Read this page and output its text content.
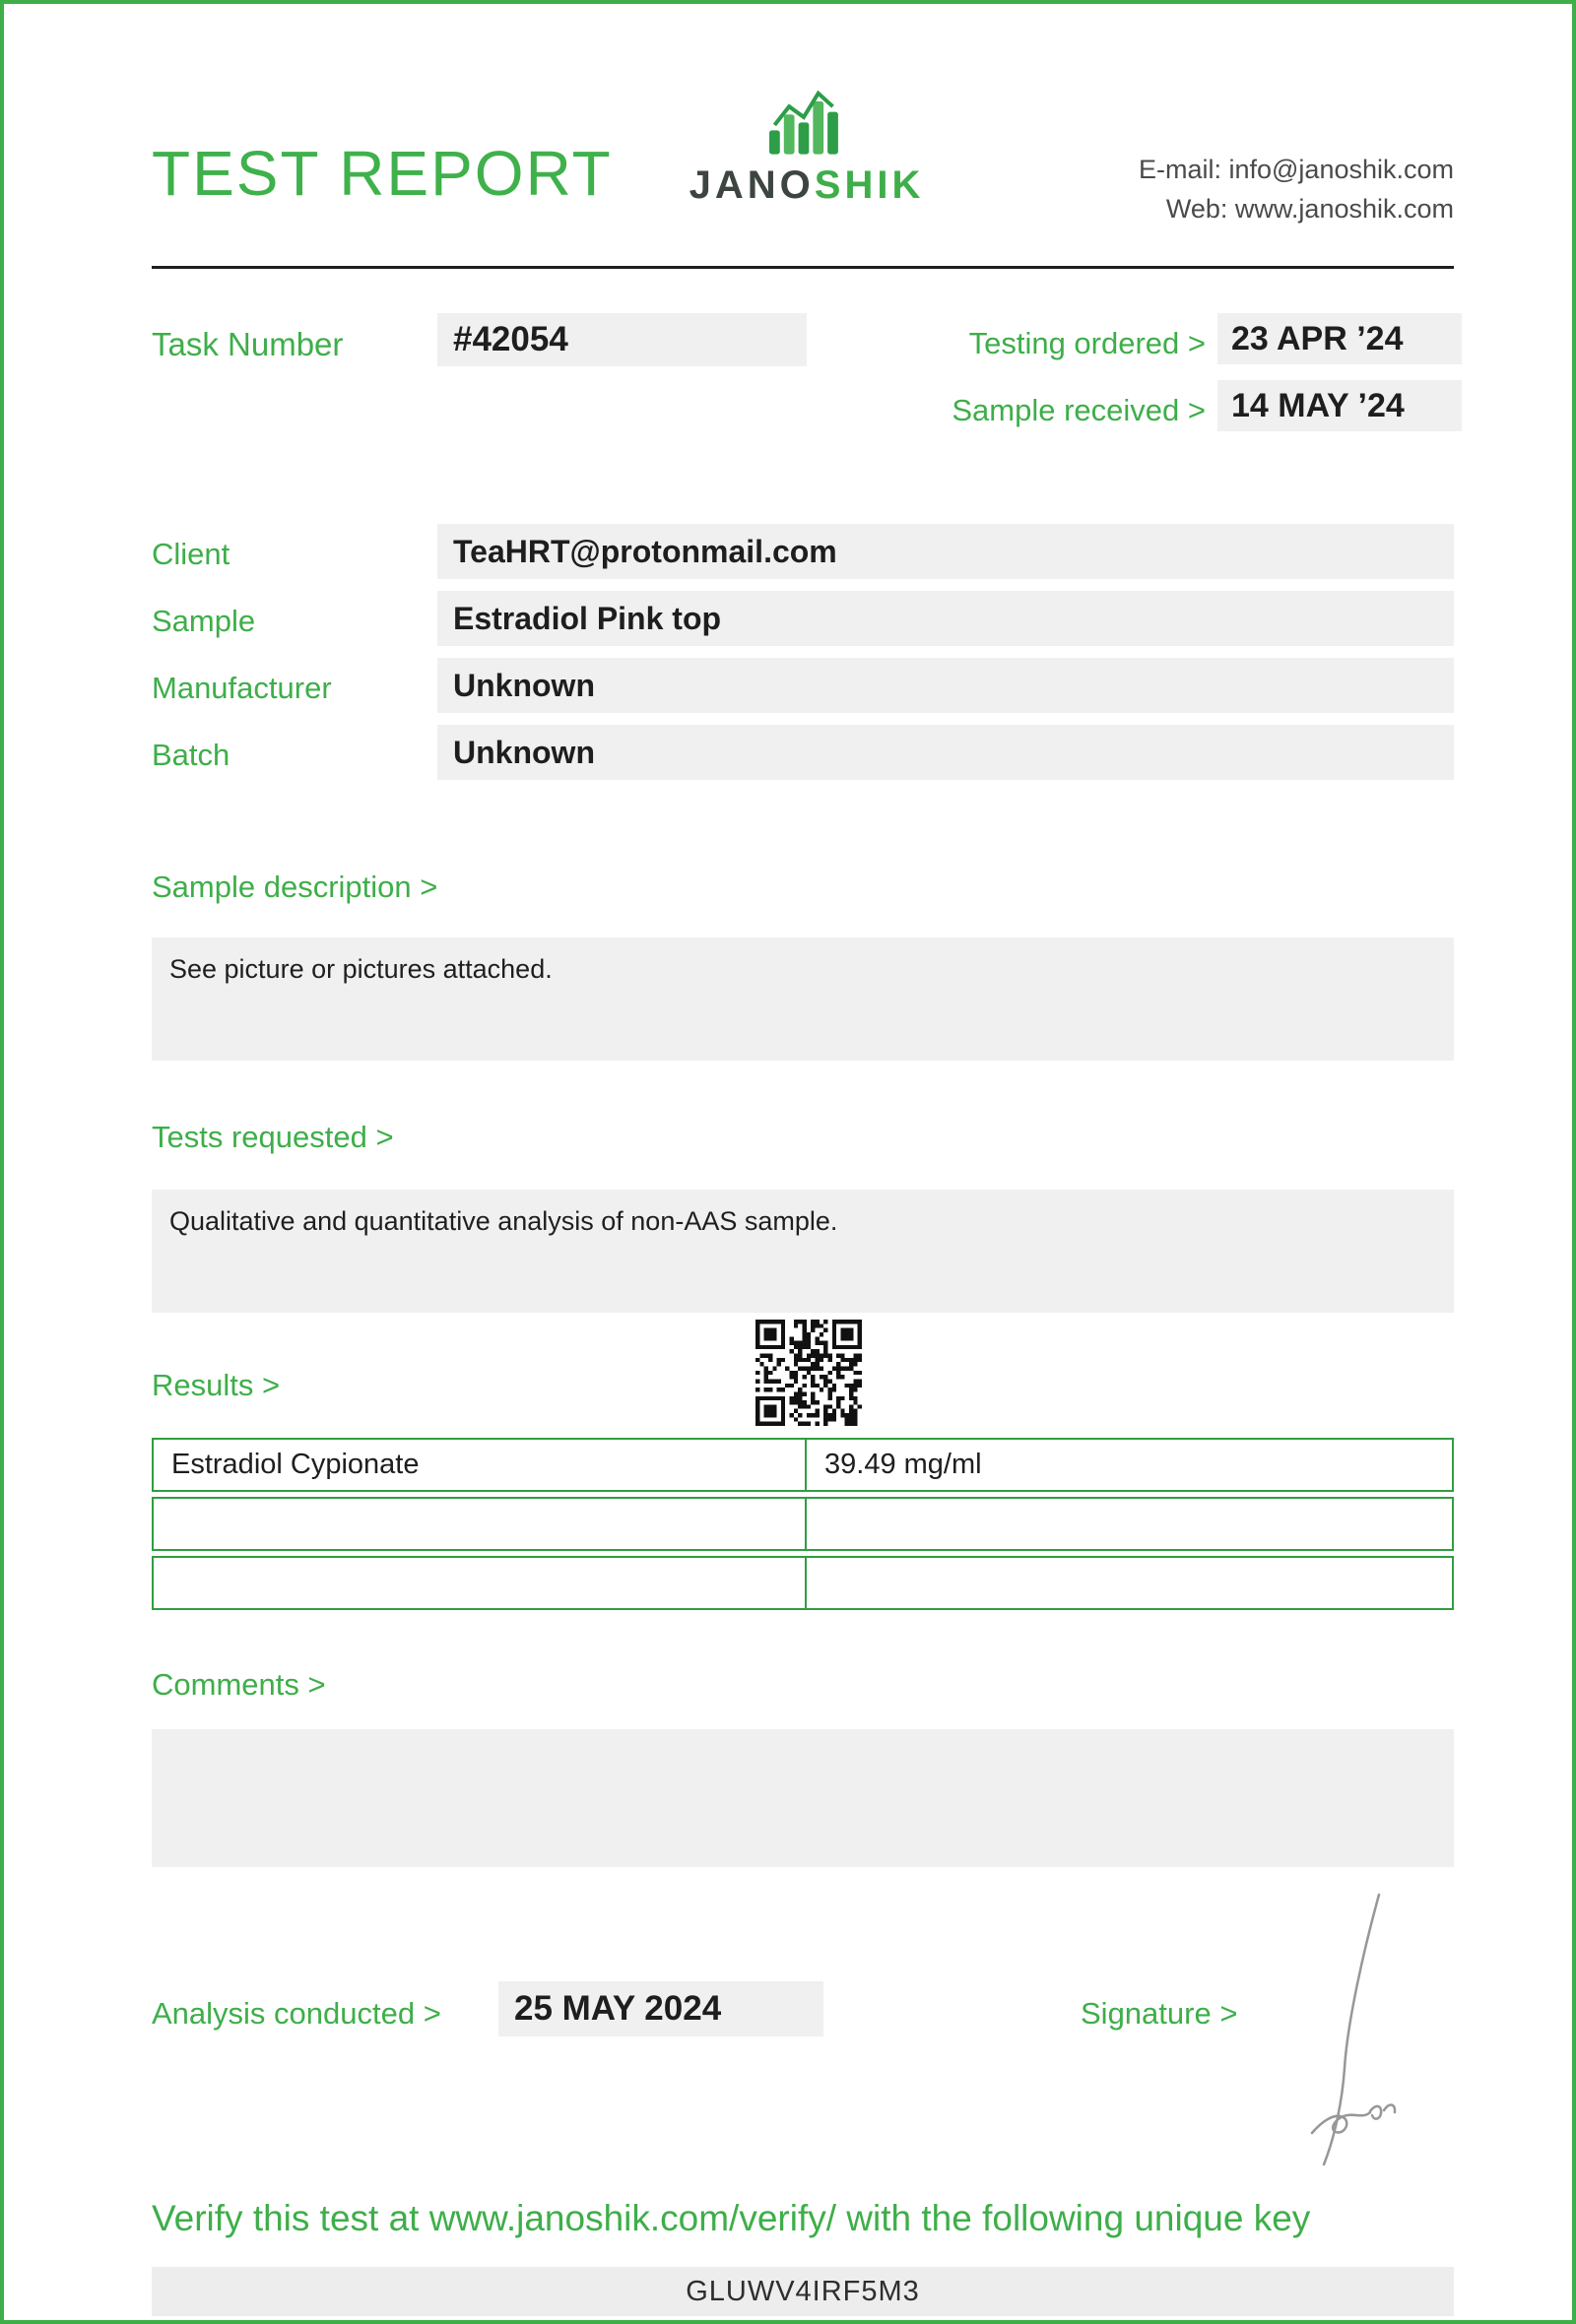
TEST REPORT JANOSHIK	E-mail: info@janoshik.com
Web: www.janoshik.com
Task Number	#42054	Testing ordered > 23 APR ’24
Sample received > 14 MAY ’24
Client	TeaHRT@protonmail.com
Sample	Estradiol Pink top
Manufacturer	Unknown
Batch	Unknown
Sample description >
See picture or pictures attached.
Tests requested >
Qualitative and quantitative analysis of non-AAS sample.
Results >
Estradiol Cypionate	39.49 mg/ml
Comments >
Analysis conducted >	25 MAY 2024	Signature >
Verify this test at www.janoshik.com/verify/ with the following unique key
GLUWV4IRF5M3
